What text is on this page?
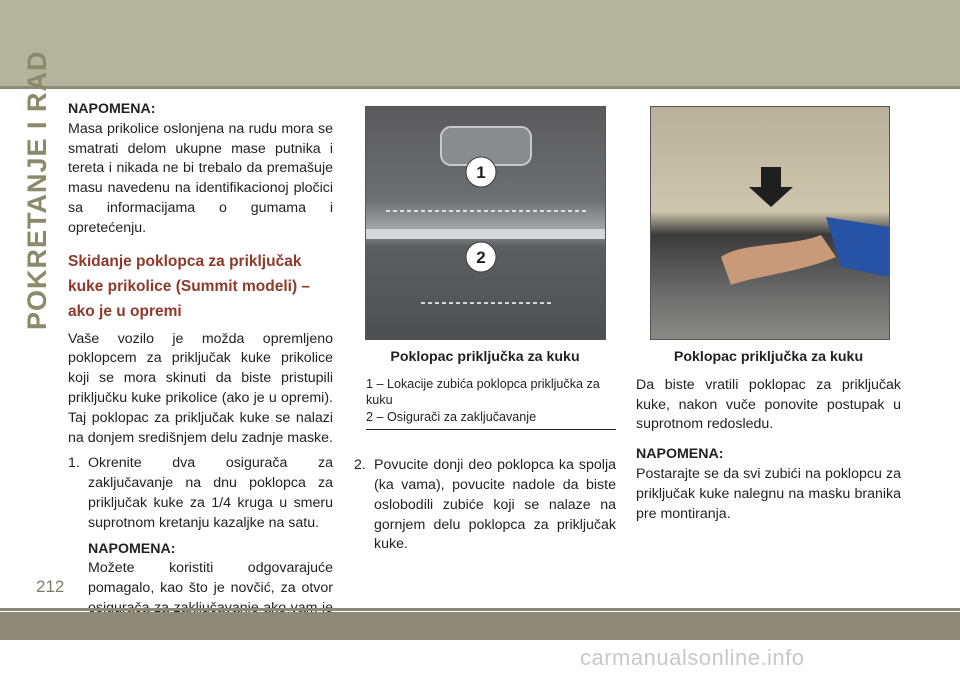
POKRETANJE I RAD NAPOMENA:

Masa prikolice oslonjena na rudu mora se smatrati delom ukupne mase putnika i tereta i nikada ne bi trebalo da premašuje masu navedenu na identifikacionoj pločici sa informacijama o gumama i opretećenju.

Skidanje poklopca za priključak kuke prikolice (Summit modeli) – ako je u opremi

Vaše vozilo je možda opremljeno poklopcem za priključak kuke prikolice koji se mora skinuti da biste pristupili priključku kuke prikolice (ako je u opremi). Taj poklopac za priključak kuke se nalazi na donjem središnjem delu zadnje maske.

1. Okrenite dva osigurača za zaključavanje na dnu poklopca za priključak kuke za 1/4 kruga u smeru suprotnom kretanju kazaljke na satu.
NAPOMENA:

Možete koristiti odgovarajuće pomagalo, kao što je novčić, za otvor

1
2
Poklopac priključka za kuku
1 – Lokacije zubića poklopca priključka za kuku
2 – Osigurači za zaključavanje
2. Povucite donji deo poklopca ka spolja (ka vama), povucite nadole da biste oslobodili zubiće koji se nalaze na gornjem delu poklopca za priključak kuke.
Poklopac priključka za kuku

Da biste vratili poklopac za priključak kuke, nakon vuče ponovite postupak u suprotnom redosledu.

NAPOMENA:

Postarajte se da svi zubići na poklopcu za priključak kuke nalegnu na masku branika pre montiranja.

212
carmanualsonline.info
